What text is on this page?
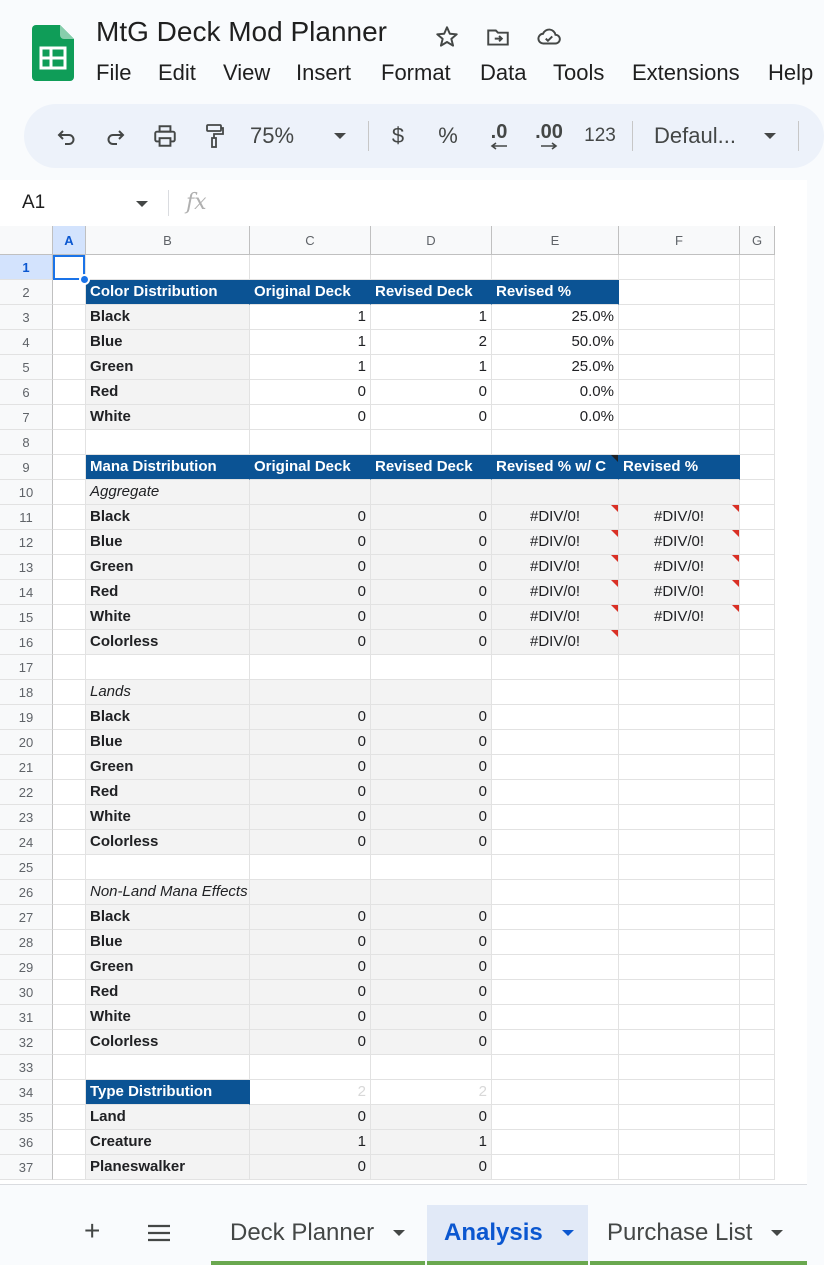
MtG Deck Mod Planner
File Edit View Insert Format Data Tools Extensions Help
75%	$ % .0 .00 123 Defaul...
A1	fx
A	B	C	D	E	F	G
1
2
3
4
5
6
7
8
9
10
11
12
13
14
15
16
17
18
19
20
21
22
23
24
25
26
27
28
29
30
31
32
33
34
35
36
37
Color Distribution	Original Deck	Revised Deck	Revised %
Black	1	1	25.0%
Blue	1	2	50.0%
Green	1	1	25.0%
Red	0	0	0.0%
White	0	0	0.0%
Mana Distribution	Original Deck	Revised Deck	Revised % w/ C	Revised %
Aggregate
Black	0	0	#DIV/0!	#DIV/0!
Blue	0	0	#DIV/0!	#DIV/0!
Green	0	0	#DIV/0!	#DIV/0!
Red	0	0	#DIV/0!	#DIV/0!
White	0	0	#DIV/0!	#DIV/0!
Colorless	0	0	#DIV/0!
Lands
Black	0	0
Blue	0	0
Green	0	0
Red	0	0
White	0	0
Colorless	0	0
Non-Land Mana Effects
Black	0	0
Blue	0	0
Green	0	0
Red	0	0
White	0	0
Colorless	0	0
Type Distribution	2	2
Land	0	0
Creature	1	1
Planeswalker	0	0
+	Deck Planner	Analysis	Purchase List
